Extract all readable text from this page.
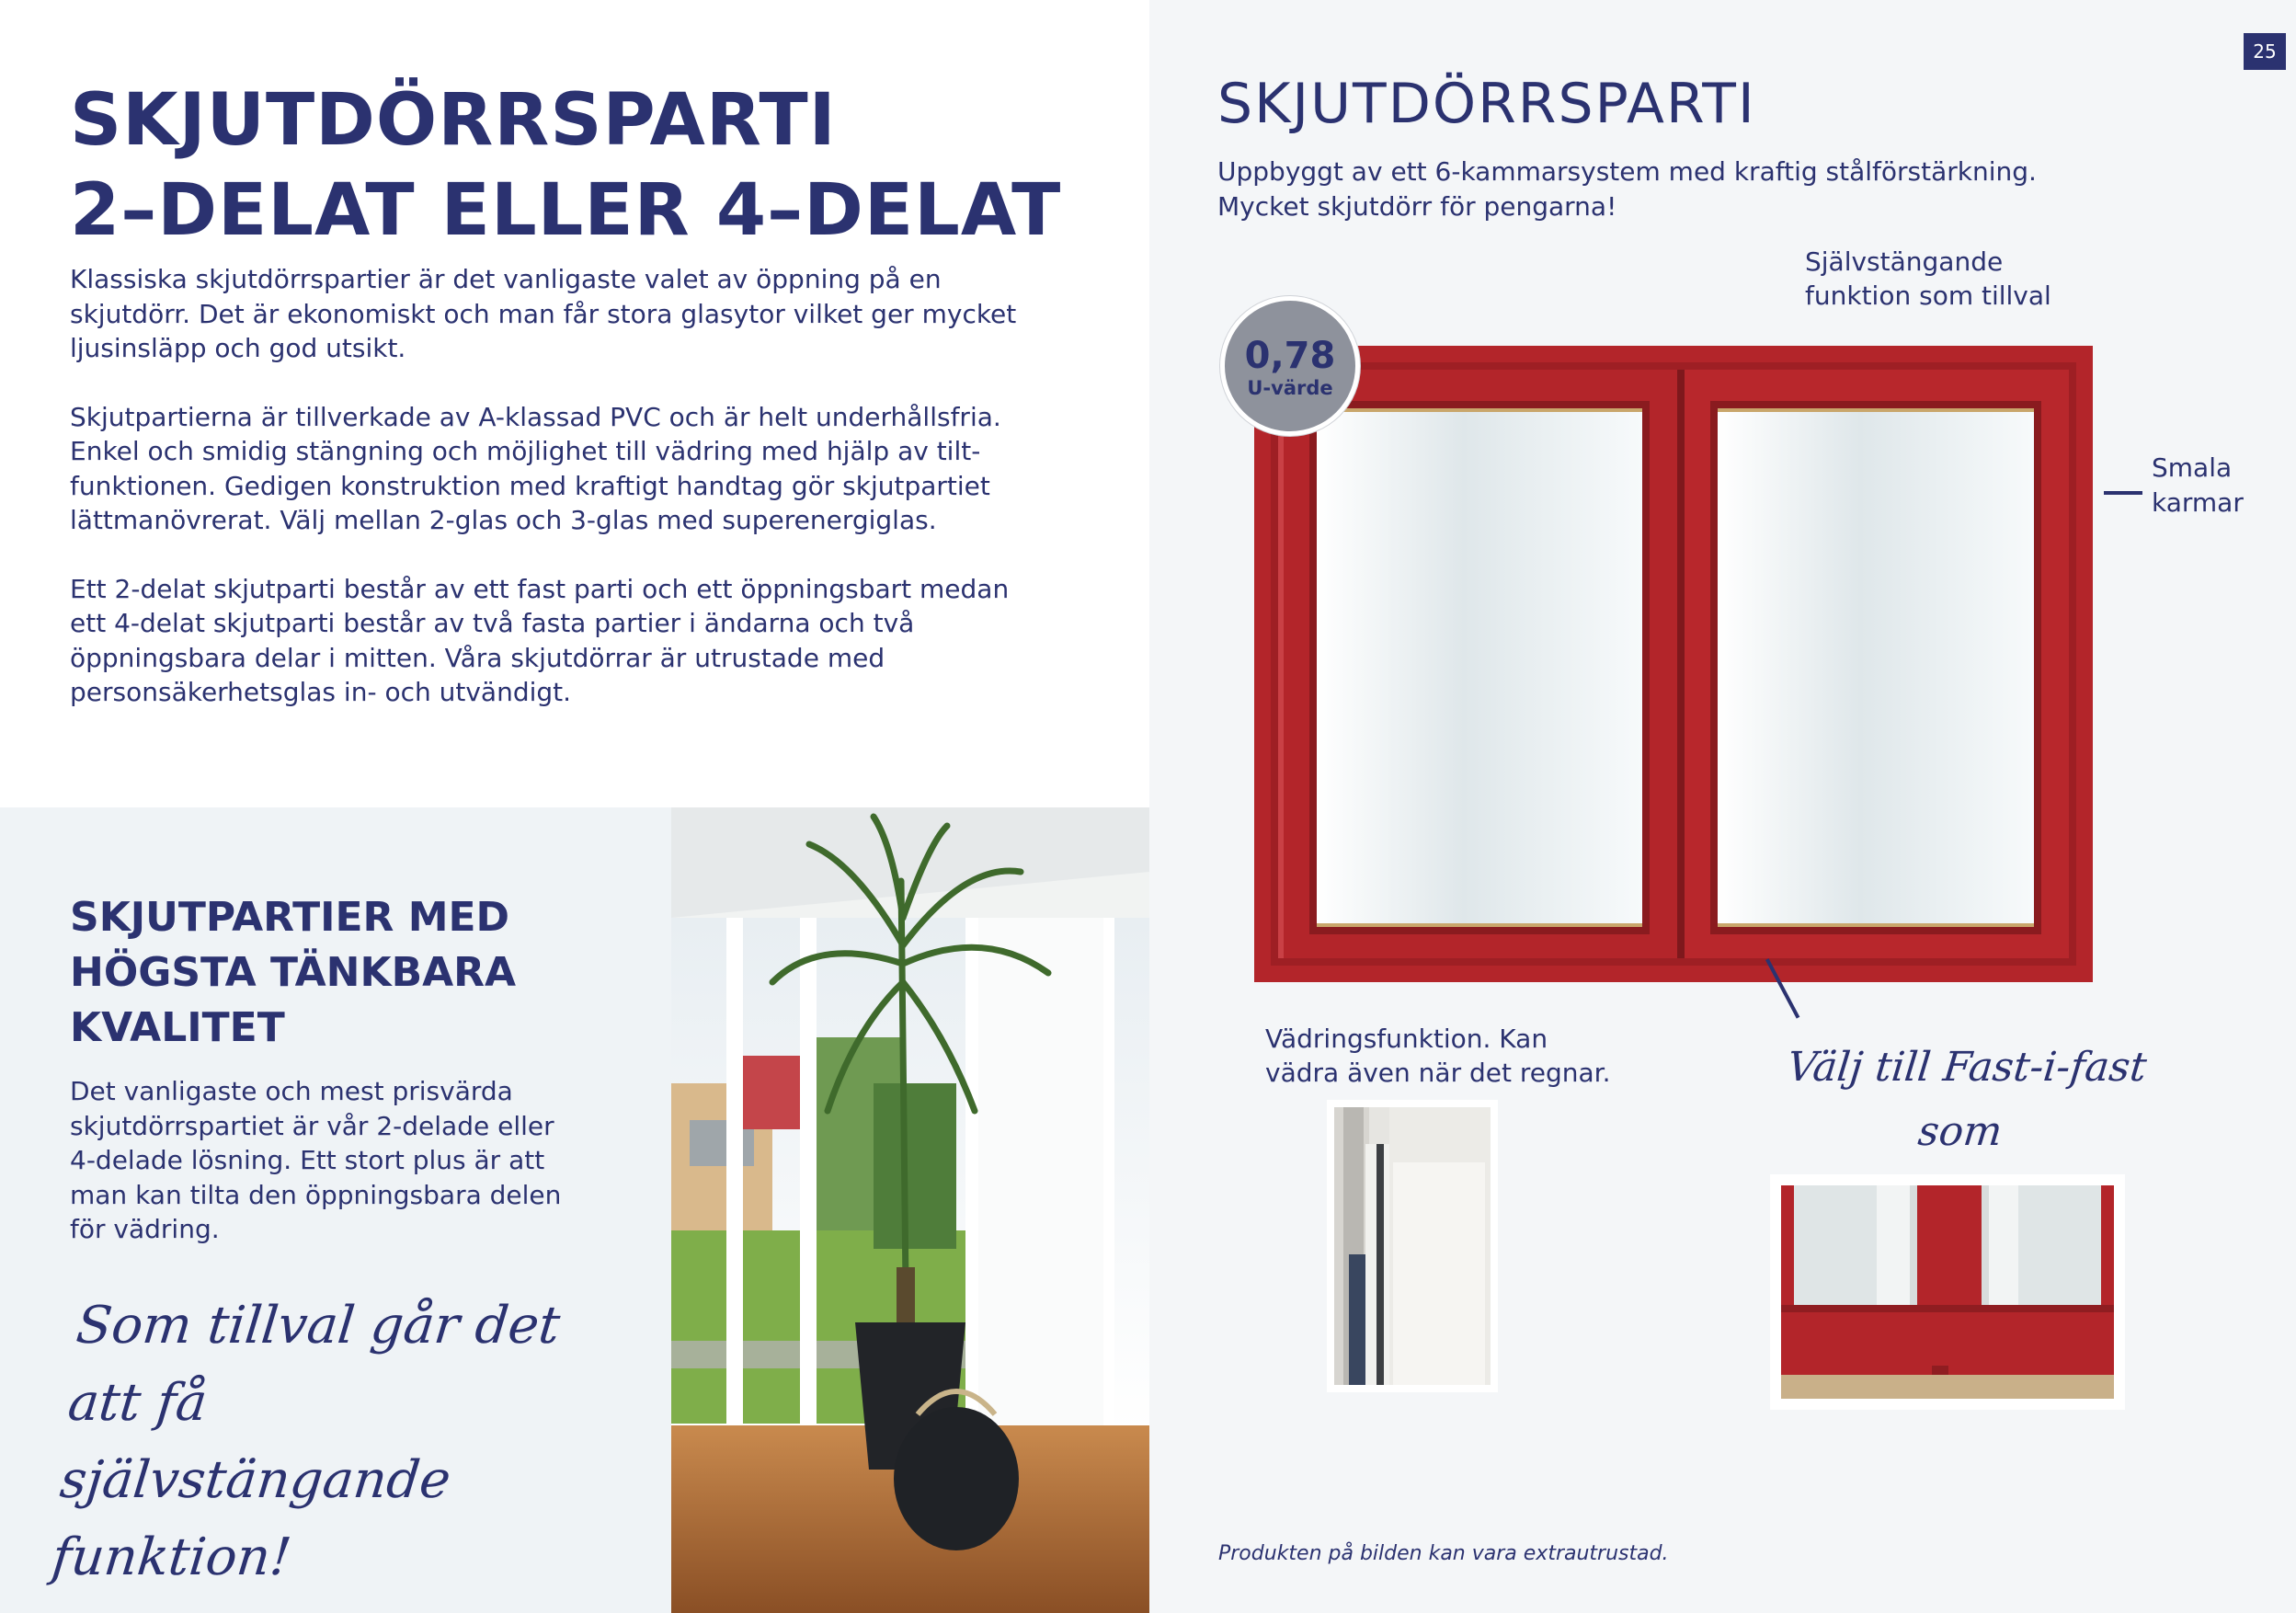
SKJUTDÖRRSPARTI
2–DELAT ELLER 4–DELAT

Klassiska skjutdörrspartier är det vanligaste valet av öppning på en skjutdörr. Det är ekonomiskt och man får stora glasytor vilket ger mycket ljusinsläpp och god utsikt.

Skjutpartierna är tillverkade av A-klassad PVC och är helt underhållsfria. Enkel och smidig stängning och möjlighet till vädring med hjälp av tilt-funktionen. Gedigen konstruktion med kraftigt handtag gör skjutpartiet lättmanövrerat. Välj mellan 2-glas och 3-glas med superenergiglas.

Ett 2-delat skjutparti består av ett fast parti och ett öppningsbart medan ett 4-delat skjutparti består av två fasta partier i ändarna och två öppningsbara delar i mitten. Våra skjutdörrar är utrustade med personsäkerhetsglas in- och utvändigt.

SKJUTPARTIER MED
HÖGSTA TÄNKBARA
KVALITET

Det vanligaste och mest prisvärda skjutdörrspartiet är vår 2-delade eller 4-delade lösning. Ett stort plus är att man kan tilta den öppningsbara delen för vädring.

Som tillval går det att få
självstängande funktion!
25
SKJUTDÖRRSPARTI
Uppbyggt av ett 6-kammarsystem med kraftig stålförstärkning.
Mycket skjutdörr för pengarna!
Självstängande
funktion som tillval
0,78
U-värde
Smala
karmar
Vädringsfunktion. Kan
vädra även när det regnar.	Välj till Fast-i-fast som
Produkten på bilden kan vara extrautrustad.
